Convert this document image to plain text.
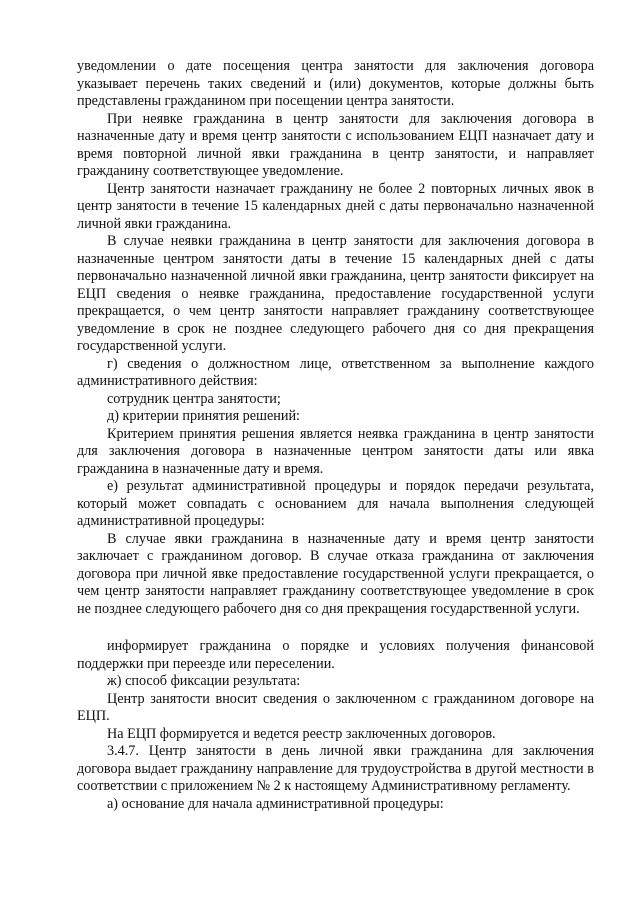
уведомлении о дате посещения центра занятости для заключения договора указывает перечень таких сведений и (или) документов, которые должны быть представлены гражданином при посещении центра занятости.

При неявке гражданина в центр занятости для заключения договора в назначенные дату и время центр занятости с использованием ЕЦП назначает дату и время повторной личной явки гражданина в центр занятости, и направляет гражданину соответствующее уведомление.

Центр занятости назначает гражданину не более 2 повторных личных явок в центр занятости в течение 15 календарных дней с даты первоначально назначенной личной явки гражданина.

В случае неявки гражданина в центр занятости для заключения договора в назначенные центром занятости даты в течение 15 календарных дней с даты первоначально назначенной личной явки гражданина, центр занятости фиксирует на ЕЦП сведения о неявке гражданина, предоставление государственной услуги прекращается, о чем центр занятости направляет гражданину соответствующее уведомление в срок не позднее следующего рабочего дня со дня прекращения государственной услуги.

г) сведения о должностном лице, ответственном за выполнение каждого административного действия:

сотрудник центра занятости;

д) критерии принятия решений:

Критерием принятия решения является неявка гражданина в центр занятости для заключения договора в назначенные центром занятости даты или явка гражданина в назначенные дату и время.

е) результат административной процедуры и порядок передачи результата, который может совпадать с основанием для начала выполнения следующей административной процедуры:

В случае явки гражданина в назначенные дату и время центр занятости заключает с гражданином договор. В случае отказа гражданина от заключения договора при личной явке предоставление государственной услуги прекращается, о чем центр занятости направляет гражданину соответствующее уведомление в срок не позднее следующего рабочего дня со дня прекращения государственной услуги.

информирует гражданина о порядке и условиях получения финансовой поддержки при переезде или переселении.

ж) способ фиксации результата:

Центр занятости вносит сведения о заключенном с гражданином договоре на ЕЦП.

На ЕЦП формируется и ведется реестр заключенных договоров.

3.4.7. Центр занятости в день личной явки гражданина для заключения договора выдает гражданину направление для трудоустройства в другой местности в соответствии с приложением № 2 к настоящему Административному регламенту.

а) основание для начала административной процедуры:
